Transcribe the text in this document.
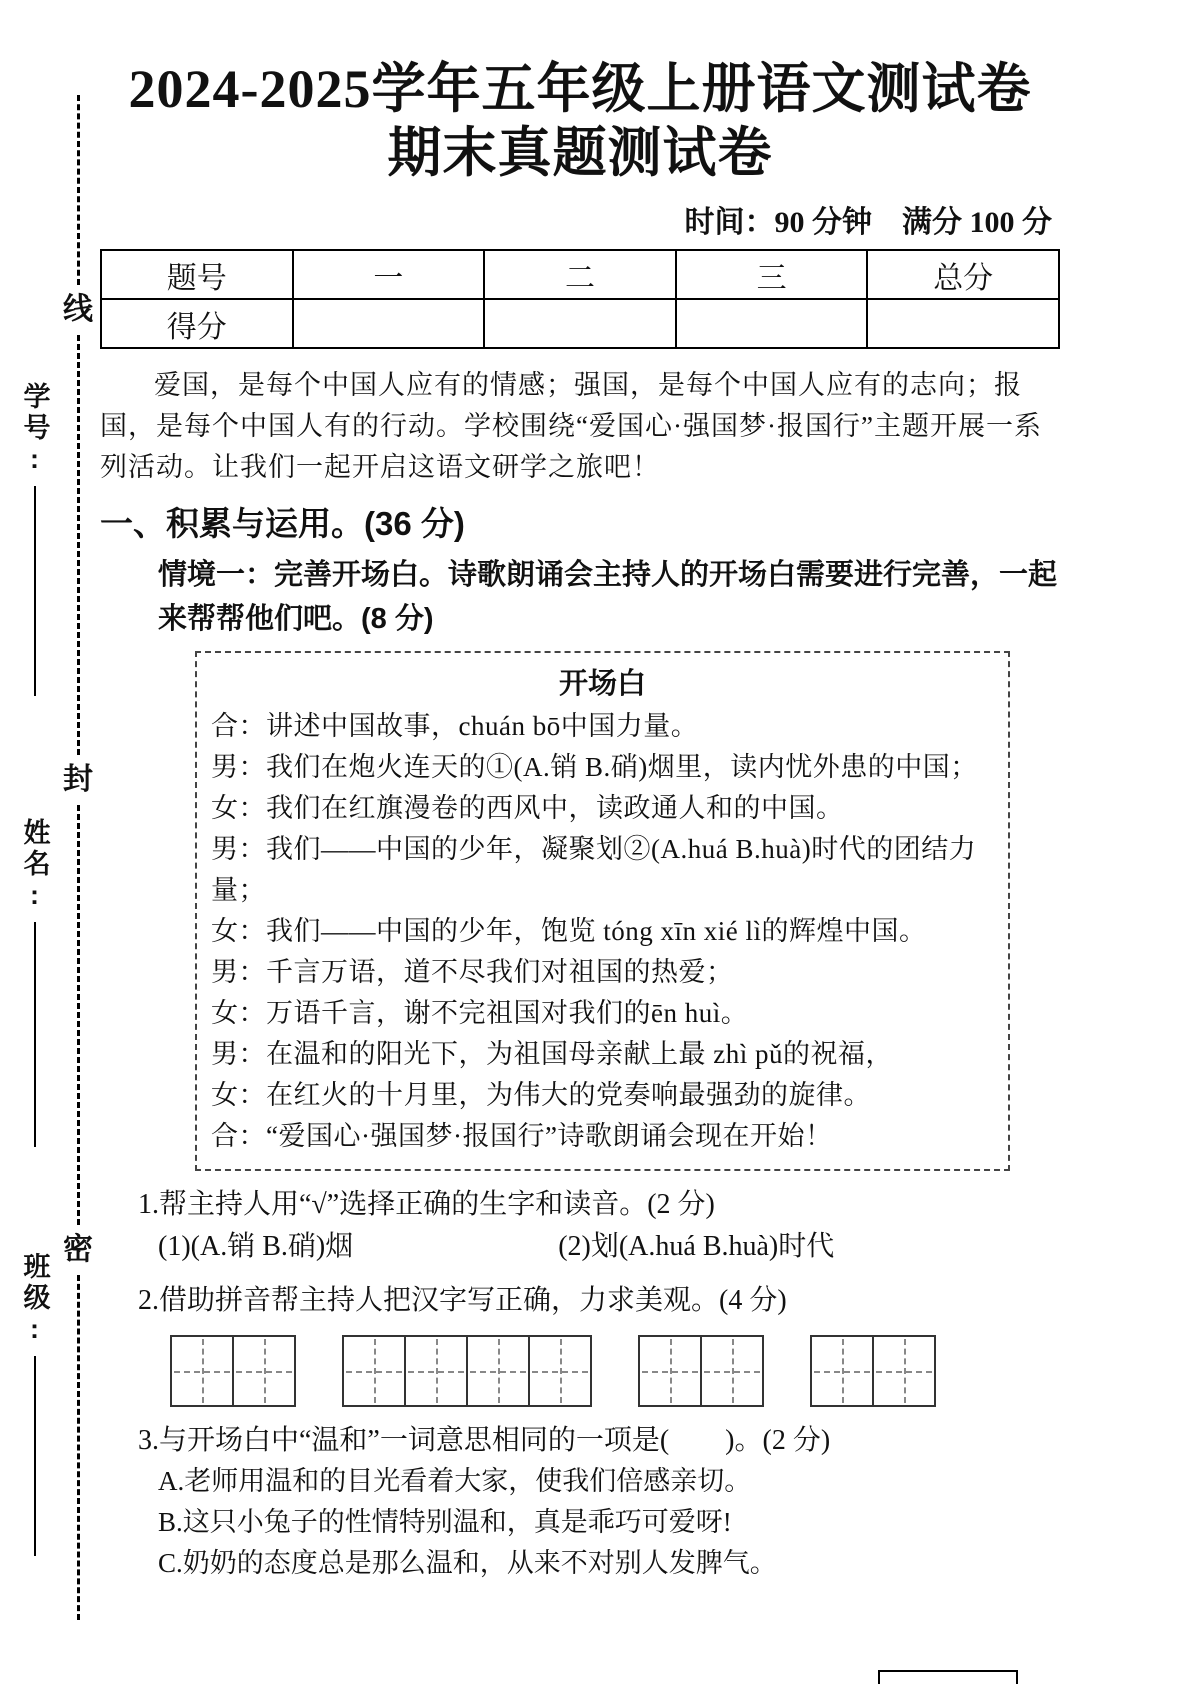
线
封
密
学号:
姓名:
班级:
2024-2025学年五年级上册语文测试卷
期末真题测试卷
时间：90 分钟　满分 100 分
题号	一	二	三	总分
得分				
爱国，是每个中国人应有的情感；强国，是每个中国人应有的志向；报国，是每个中国人有的行动。学校围绕“爱国心·强国梦·报国行”主题开展一系列活动。让我们一起开启这语文研学之旅吧！
一、积累与运用。(36 分)
情境一：完善开场白。诗歌朗诵会主持人的开场白需要进行完善，一起来帮帮他们吧。(8 分)
开场白
合：讲述中国故事，chuán bō中国力量。
男：我们在炮火连天的①(A.销 B.硝)烟里，读内忧外患的中国；
女：我们在红旗漫卷的西风中，读政通人和的中国。
男：我们——中国的少年，凝聚划②(A.huá B.huà)时代的团结力量；
女：我们——中国的少年，饱览 tóng xīn xié lì的辉煌中国。
男：千言万语，道不尽我们对祖国的热爱；
女：万语千言，谢不完祖国对我们的ēn huì。
男：在温和的阳光下，为祖国母亲献上最 zhì pǔ的祝福，
女：在红火的十月里，为伟大的党奏响最强劲的旋律。
合：“爱国心·强国梦·报国行”诗歌朗诵会现在开始！
1.帮主持人用“√”选择正确的生字和读音。(2 分)
(1)(A.销 B.硝)烟	(2)划(A.huá B.huà)时代
2.借助拼音帮主持人把汉字写正确，力求美观。(4 分)
3.与开场白中“温和”一词意思相同的一项是(　　)。(2 分)
A.老师用温和的目光看着大家，使我们倍感亲切。
B.这只小兔子的性情特别温和，真是乖巧可爱呀!
C.奶奶的态度总是那么温和，从来不对别人发脾气。
